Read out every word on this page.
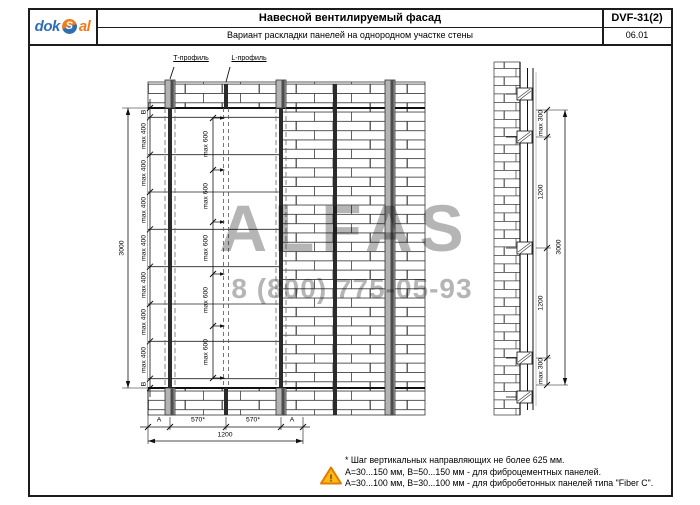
ALFAS
8 (800) 775-05-93
dok S al	Навесной вентилируемый фасад
Вариант раскладки панелей на однородном участке стены
DVF-31(2)
06.01
Т-профиль	L-профиль
3000
В
max 400
max 400
max 400
max 400
max 400
max 400
max 400
В
max 600
max 600
max 600
max 600
max 600
А	570*	570*	А
1200
max 300
1200
1200
max 300
3000
!
* Шаг вертикальных направляющих не более 625 мм.
А=30...150 мм, В=50...150 мм - для фиброцементных панелей.
А=30...100 мм, В=30...100 мм - для фибробетонных панелей типа "Fiber C".
